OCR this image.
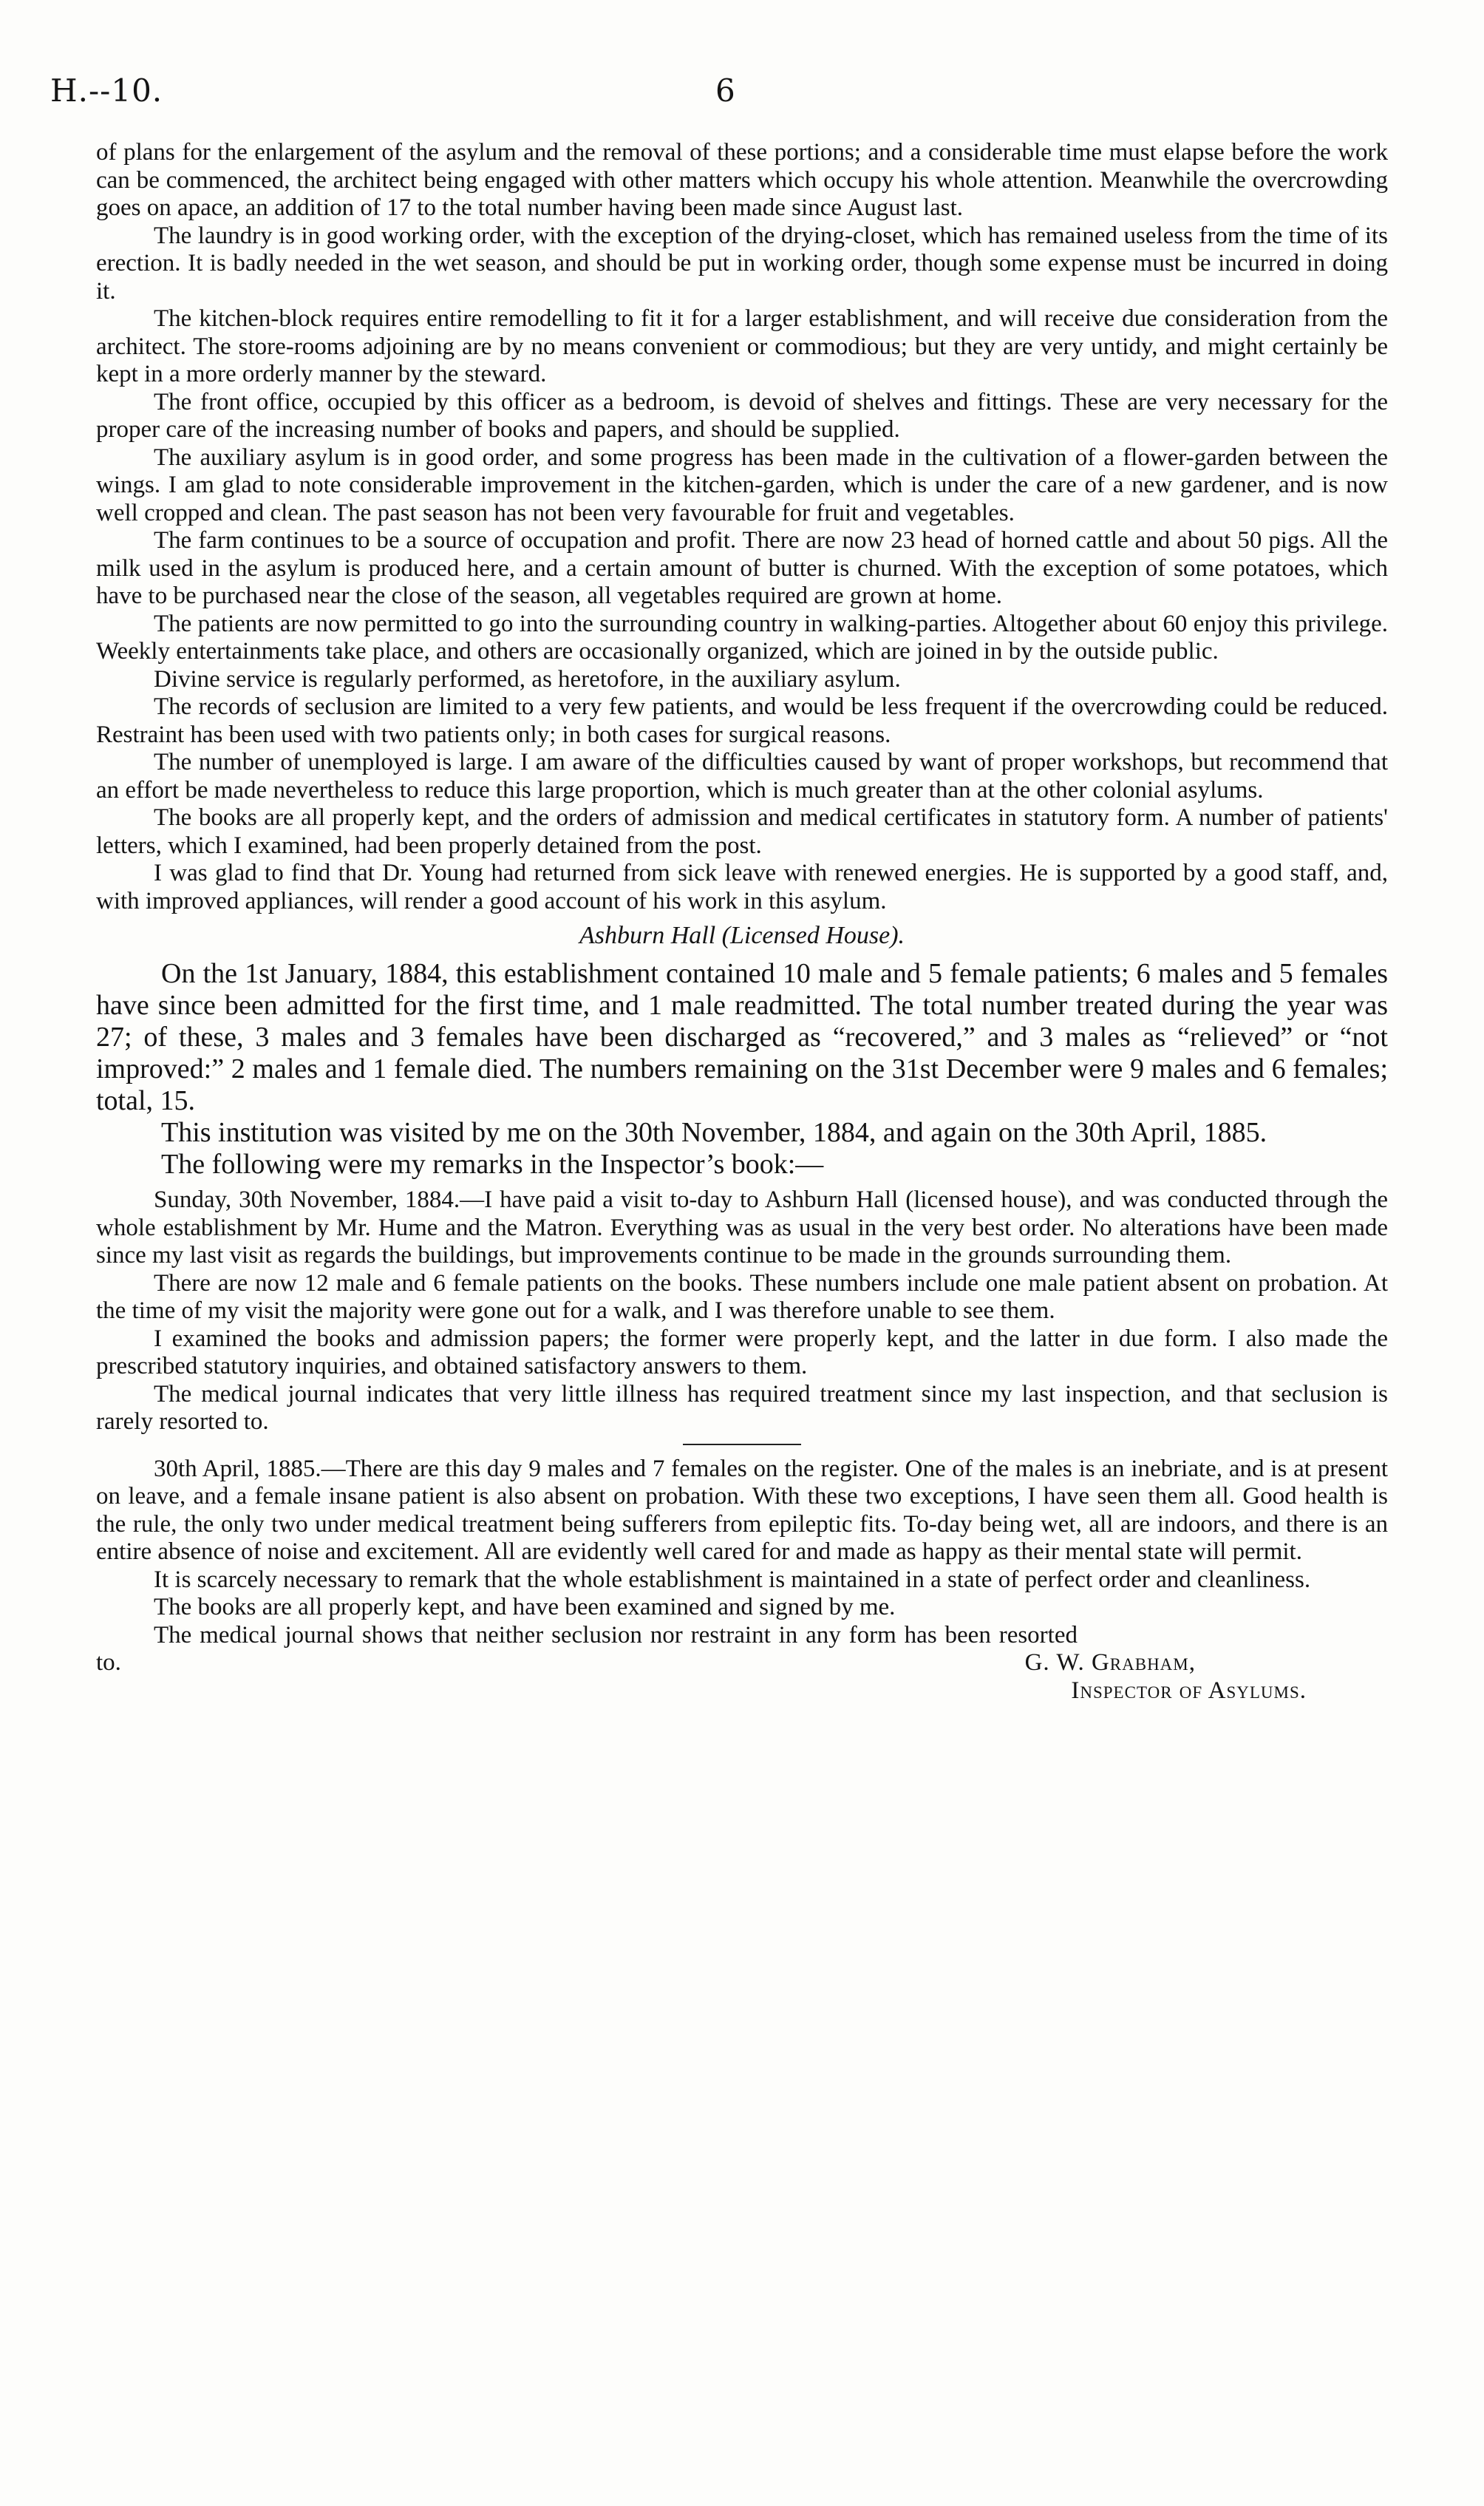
H.--10.	6

of plans for the enlargement of the asylum and the removal of these portions; and a considerable time must elapse before the work can be commenced, the architect being engaged with other matters which occupy his whole attention. Meanwhile the overcrowding goes on apace, an addition of 17 to the total number having been made since August last.

The laundry is in good working order, with the exception of the drying-closet, which has remained useless from the time of its erection. It is badly needed in the wet season, and should be put in working order, though some expense must be incurred in doing it.

The kitchen-block requires entire remodelling to fit it for a larger establishment, and will receive due consideration from the architect. The store-rooms adjoining are by no means convenient or commodious; but they are very untidy, and might certainly be kept in a more orderly manner by the steward.

The front office, occupied by this officer as a bedroom, is devoid of shelves and fittings. These are very necessary for the proper care of the increasing number of books and papers, and should be supplied.

The auxiliary asylum is in good order, and some progress has been made in the cultivation of a flower-garden between the wings. I am glad to note considerable improvement in the kitchen-garden, which is under the care of a new gardener, and is now well cropped and clean. The past season has not been very favourable for fruit and vegetables.

The farm continues to be a source of occupation and profit. There are now 23 head of horned cattle and about 50 pigs. All the milk used in the asylum is produced here, and a certain amount of butter is churned. With the exception of some potatoes, which have to be purchased near the close of the season, all vegetables required are grown at home.

The patients are now permitted to go into the surrounding country in walking-parties. Altogether about 60 enjoy this privilege. Weekly entertainments take place, and others are occasionally organized, which are joined in by the outside public.

Divine service is regularly performed, as heretofore, in the auxiliary asylum.

The records of seclusion are limited to a very few patients, and would be less frequent if the overcrowding could be reduced. Restraint has been used with two patients only; in both cases for surgical reasons.

The number of unemployed is large. I am aware of the difficulties caused by want of proper workshops, but recommend that an effort be made nevertheless to reduce this large proportion, which is much greater than at the other colonial asylums.

The books are all properly kept, and the orders of admission and medical certificates in statutory form. A number of patients' letters, which I examined, had been properly detained from the post.

I was glad to find that Dr. Young had returned from sick leave with renewed energies. He is supported by a good staff, and, with improved appliances, will render a good account of his work in this asylum.

Ashburn Hall (Licensed House).

On the 1st January, 1884, this establishment contained 10 male and 5 female patients; 6 males and 5 females have since been admitted for the first time, and 1 male readmitted. The total number treated during the year was 27; of these, 3 males and 3 females have been discharged as “recovered,” and 3 males as “relieved” or “not improved:” 2 males and 1 female died. The numbers remaining on the 31st December were 9 males and 6 females; total, 15.

This institution was visited by me on the 30th November, 1884, and again on the 30th April, 1885.

The following were my remarks in the Inspector’s book:—

Sunday, 30th November, 1884.—I have paid a visit to-day to Ashburn Hall (licensed house), and was conducted through the whole establishment by Mr. Hume and the Matron. Everything was as usual in the very best order. No alterations have been made since my last visit as regards the buildings, but improvements continue to be made in the grounds surrounding them.

There are now 12 male and 6 female patients on the books. These numbers include one male patient absent on probation. At the time of my visit the majority were gone out for a walk, and I was therefore unable to see them.

I examined the books and admission papers; the former were properly kept, and the latter in due form. I also made the prescribed statutory inquiries, and obtained satisfactory answers to them.

The medical journal indicates that very little illness has required treatment since my last inspection, and that seclusion is rarely resorted to.

30th April, 1885.—There are this day 9 males and 7 females on the register. One of the males is an inebriate, and is at present on leave, and a female insane patient is also absent on probation. With these two exceptions, I have seen them all. Good health is the rule, the only two under medical treatment being sufferers from epileptic fits. To-day being wet, all are indoors, and there is an entire absence of noise and excitement. All are evidently well cared for and made as happy as their mental state will permit.

It is scarcely necessary to remark that the whole establishment is maintained in a state of perfect order and cleanliness.

The books are all properly kept, and have been examined and signed by me.

The medical journal shows that neither seclusion nor restraint in any form has been resorted to.	G. W. Grabham,
Inspector of Asylums.
